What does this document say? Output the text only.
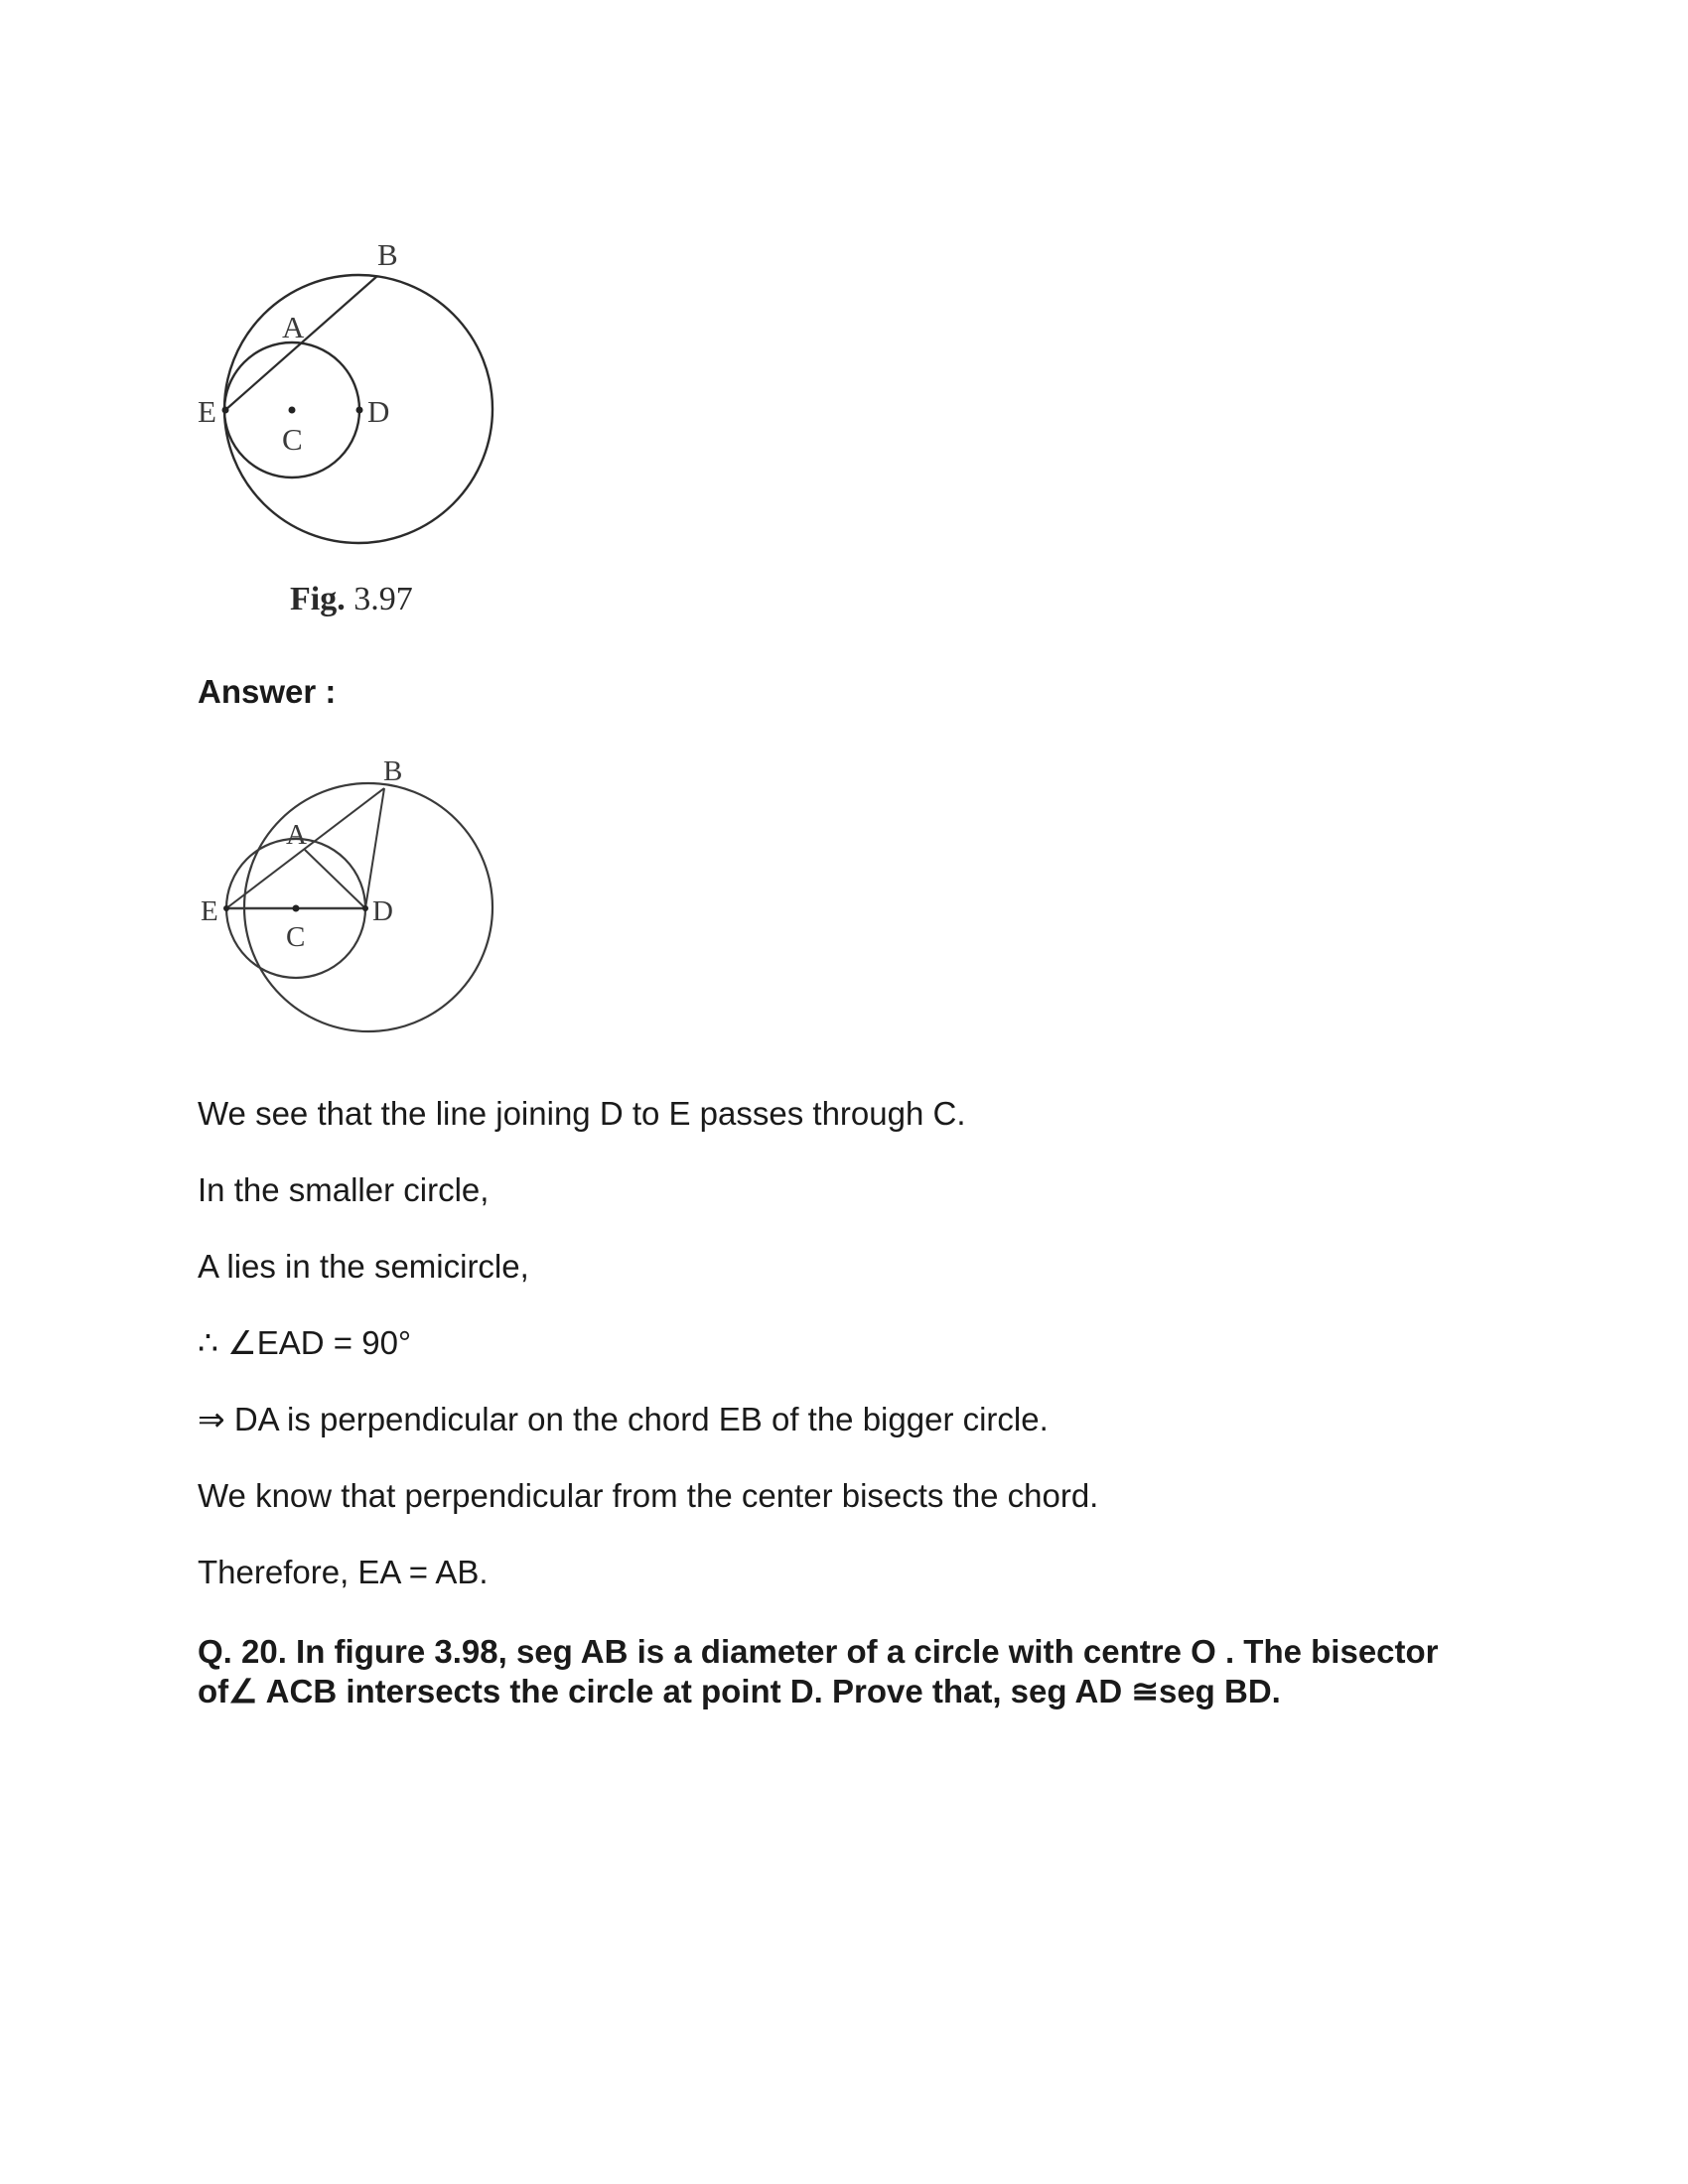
B
A
E
C
D
Fig. 3.97
Answer :
B
A
E
C
D
We see that the line joining D to E passes through C.
In the smaller circle,
A lies in the semicircle,
∴ ∠EAD = 90°
⇒ DA is perpendicular on the chord EB of the bigger circle.
We know that perpendicular from the center bisects the chord.
Therefore, EA = AB.
Q. 20. In figure 3.98, seg AB is a diameter of a circle with centre O . The bisector of∠ ACB intersects the circle at point D. Prove that, seg AD ≅seg BD.
